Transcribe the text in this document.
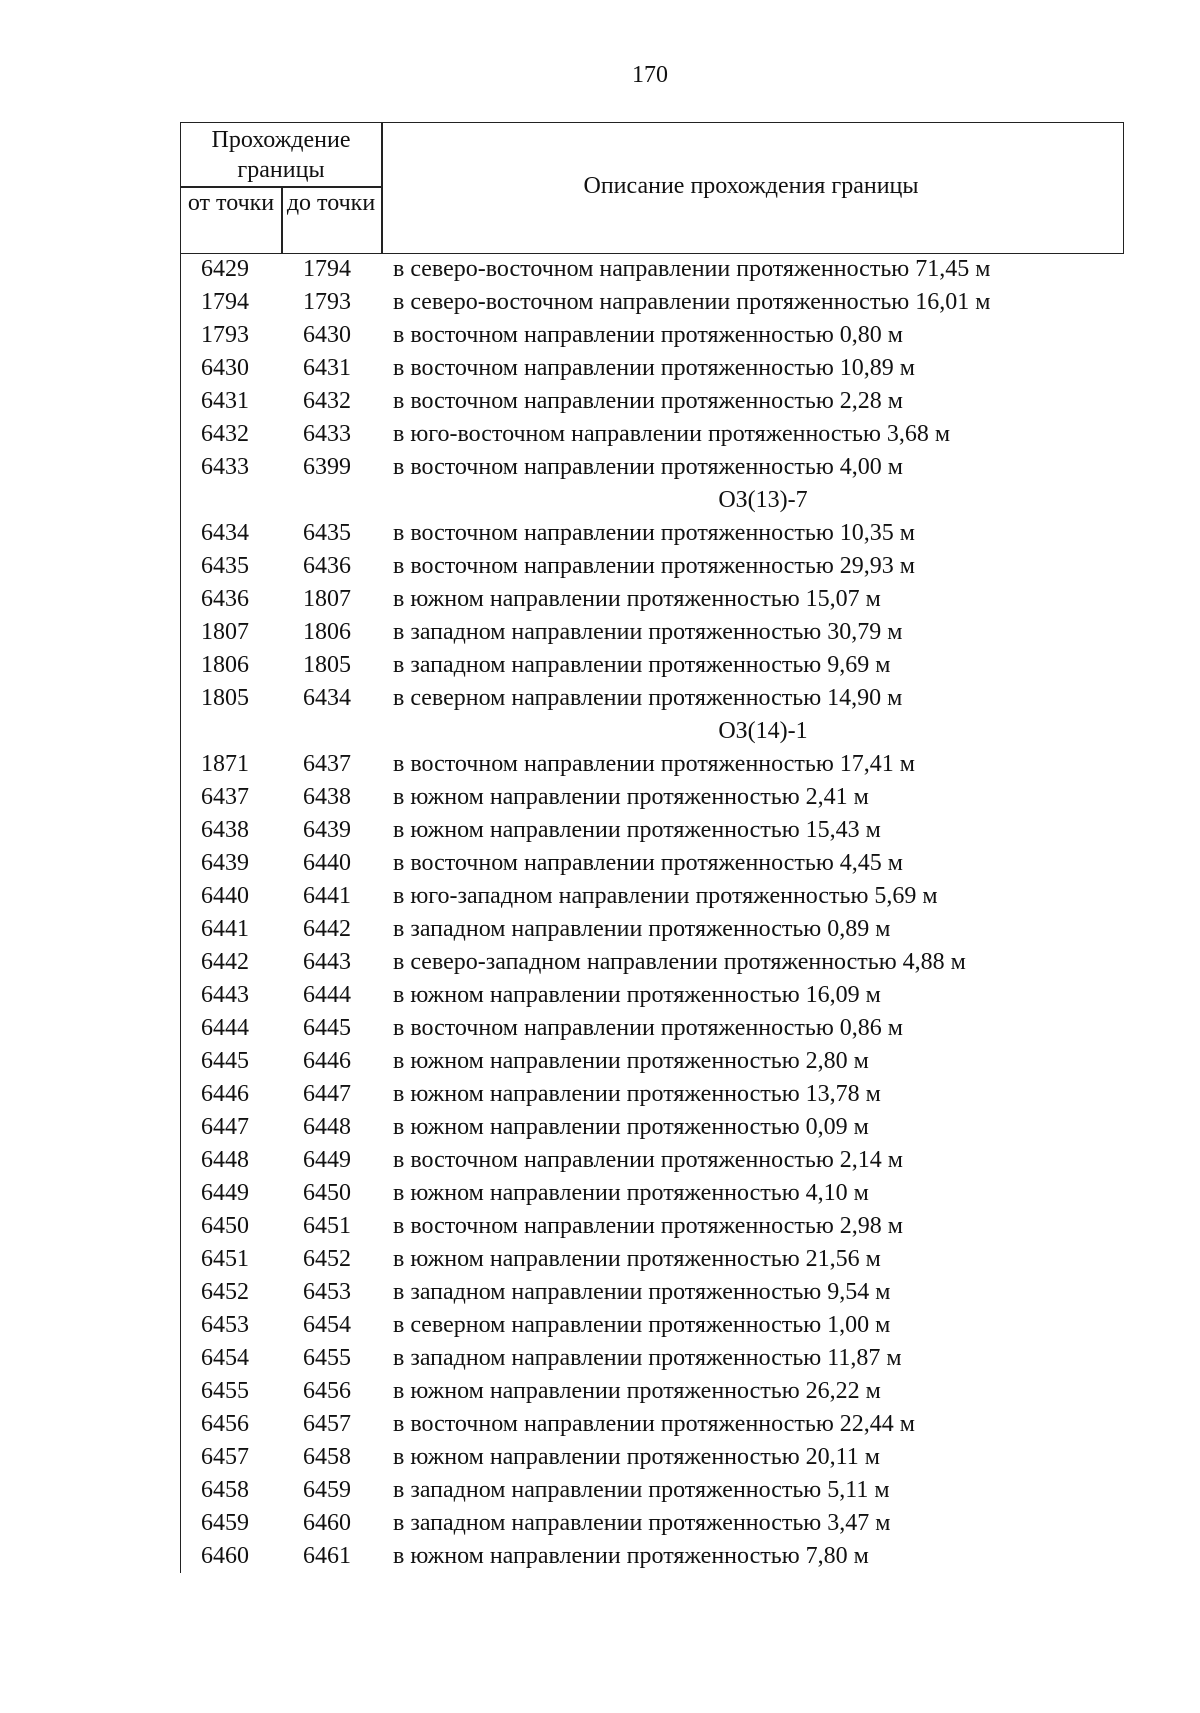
170
Прохождение границы
от точки до точки
Описание прохождения границы
6429	1794	в северо-восточном направлении протяженностью 71,45 м
1794	1793	в северо-восточном направлении протяженностью 16,01 м
1793	6430	в восточном направлении протяженностью 0,80 м
6430	6431	в восточном направлении протяженностью 10,89 м
6431	6432	в восточном направлении протяженностью 2,28 м
6432	6433	в юго-восточном направлении протяженностью 3,68 м
6433	6399	в восточном направлении протяженностью 4,00 м
ОЗ(13)-7
6434	6435	в восточном направлении протяженностью 10,35 м
6435	6436	в восточном направлении протяженностью 29,93 м
6436	1807	в южном направлении протяженностью 15,07 м
1807	1806	в западном направлении протяженностью 30,79 м
1806	1805	в западном направлении протяженностью 9,69 м
1805	6434	в северном направлении протяженностью 14,90 м
ОЗ(14)-1
1871	6437	в восточном направлении протяженностью 17,41 м
6437	6438	в южном направлении протяженностью 2,41 м
6438	6439	в южном направлении протяженностью 15,43 м
6439	6440	в восточном направлении протяженностью 4,45 м
6440	6441	в юго-западном направлении протяженностью 5,69 м
6441	6442	в западном направлении протяженностью 0,89 м
6442	6443	в северо-западном направлении протяженностью 4,88 м
6443	6444	в южном направлении протяженностью 16,09 м
6444	6445	в восточном направлении протяженностью 0,86 м
6445	6446	в южном направлении протяженностью 2,80 м
6446	6447	в южном направлении протяженностью 13,78 м
6447	6448	в южном направлении протяженностью 0,09 м
6448	6449	в восточном направлении протяженностью 2,14 м
6449	6450	в южном направлении протяженностью 4,10 м
6450	6451	в восточном направлении протяженностью 2,98 м
6451	6452	в южном направлении протяженностью 21,56 м
6452	6453	в западном направлении протяженностью 9,54 м
6453	6454	в северном направлении протяженностью 1,00 м
6454	6455	в западном направлении протяженностью 11,87 м
6455	6456	в южном направлении протяженностью 26,22 м
6456	6457	в восточном направлении протяженностью 22,44 м
6457	6458	в южном направлении протяженностью 20,11 м
6458	6459	в западном направлении протяженностью 5,11 м
6459	6460	в западном направлении протяженностью 3,47 м
6460	6461	в южном направлении протяженностью 7,80 м
